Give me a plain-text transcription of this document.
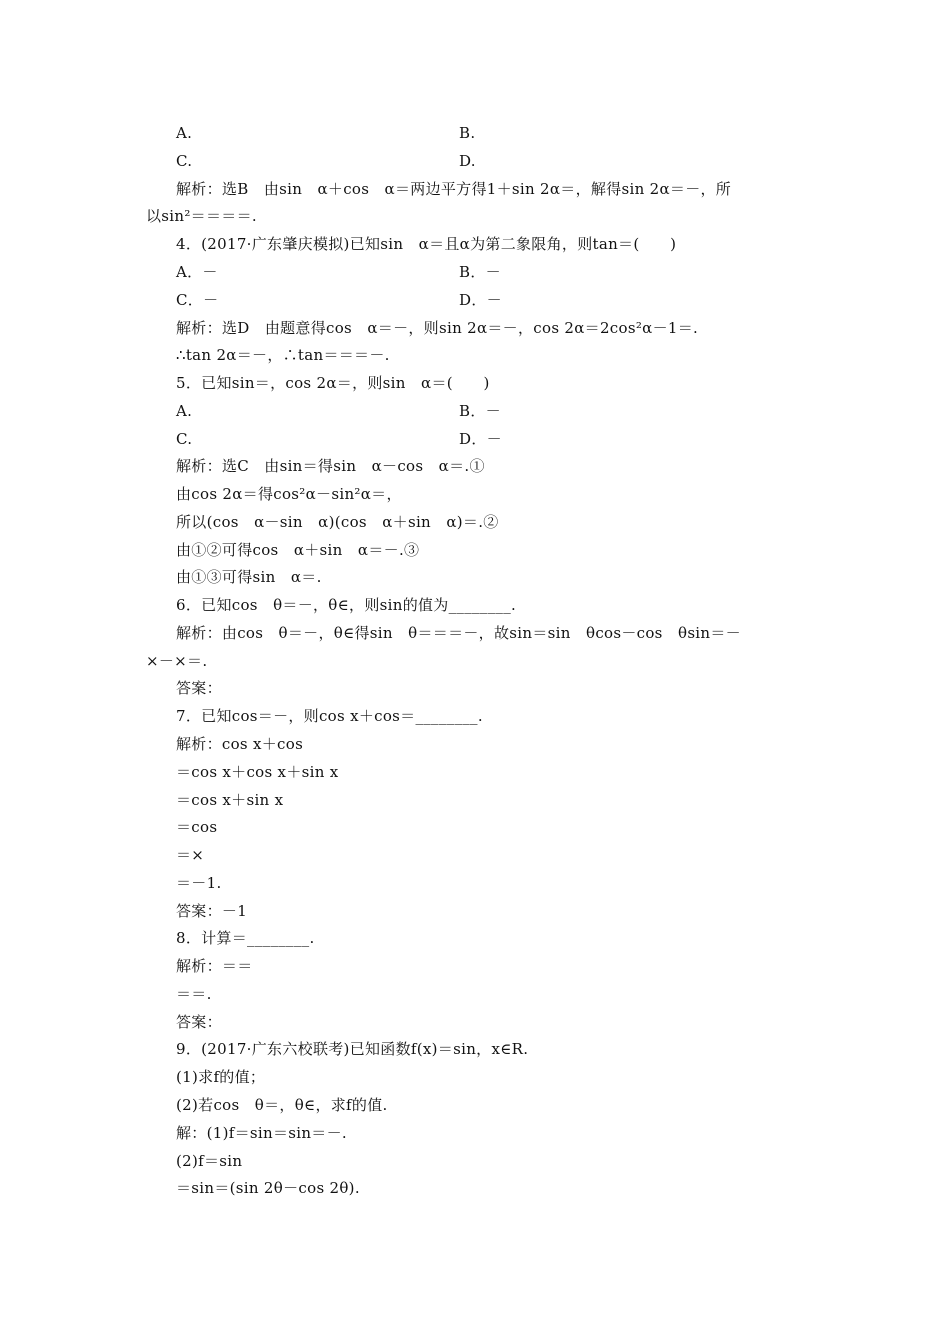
A.	B.
C.	D.
解析：选B　由sin　α＋cos　α＝两边平方得1＋sin 2α＝，解得sin 2α＝－，所
以sin²＝＝＝＝.
4．(2017·广东肇庆模拟)已知sin　α＝且α为第二象限角，则tan＝(　　)
A．－	B．－
C．－	D．－
解析：选D　由题意得cos　α＝－，则sin 2α＝－，cos 2α＝2cos²α－1＝.
∴tan 2α＝－，∴tan＝＝＝－.
5．已知sin＝，cos 2α＝，则sin　α＝(　　)
A.	B．－
C.	D．－
解析：选C　由sin＝得sin　α－cos　α＝.①
由cos 2α＝得cos²α－sin²α＝，
所以(cos　α－sin　α)(cos　α＋sin　α)＝.②
由①②可得cos　α＋sin　α＝－.③
由①③可得sin　α＝.
6．已知cos　θ＝－，θ∈，则sin的值为________.
解析：由cos　θ＝－，θ∈得sin　θ＝＝＝－，故sin＝sin　θcos－cos　θsin＝－
×－×＝.
答案：
7．已知cos＝－，则cos x＋cos＝________.
解析：cos x＋cos
＝cos x＋cos x＋sin x
＝cos x＋sin x
＝cos
＝×
＝－1.
答案：－1
8．计算＝________.
解析：＝＝
＝＝.
答案：
9．(2017·广东六校联考)已知函数f(x)＝sin，x∈R.
(1)求f的值；
(2)若cos　θ＝，θ∈，求f的值.
解：(1)f＝sin＝sin＝－.
(2)f＝sin
＝sin＝(sin 2θ－cos 2θ).
